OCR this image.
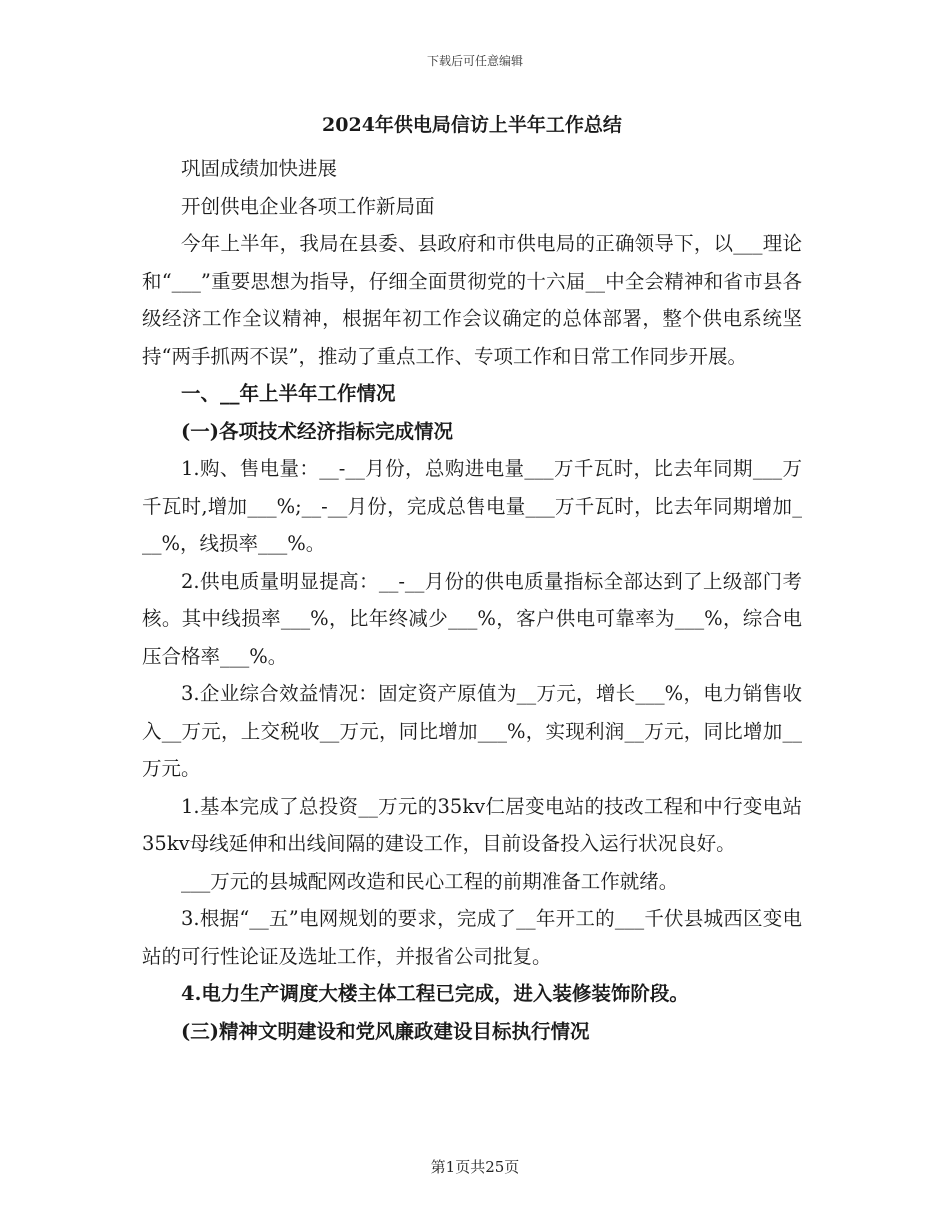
下载后可任意编辑
2024年供电局信访上半年工作总结

巩固成绩加快进展

开创供电企业各项工作新局面

今年上半年，我局在县委、县政府和市供电局的正确领导下，以___理论和“___”重要思想为指导，仔细全面贯彻党的十六届__中全会精神和省市县各级经济工作全议精神，根据年初工作会议确定的总体部署，整个供电系统坚持“两手抓两不误”，推动了重点工作、专项工作和日常工作同步开展。

一、__年上半年工作情况

(一)各项技术经济指标完成情况

1.购、售电量：__-__月份，总购进电量___万千瓦时，比去年同期___万千瓦时,增加___%;__-__月份，完成总售电量___万千瓦时，比去年同期增加___%，线损率___%。

2.供电质量明显提高：__-__月份的供电质量指标全部达到了上级部门考核。其中线损率___%，比年终减少___%，客户供电可靠率为___%，综合电压合格率___%。

3.企业综合效益情况：固定资产原值为__万元，增长___%，电力销售收入__万元，上交税收__万元，同比增加___%，实现利润__万元，同比增加__万元。

1.基本完成了总投资__万元的35kv仁居变电站的技改工程和中行变电站35kv母线延伸和出线间隔的建设工作，目前设备投入运行状况良好。

___万元的县城配网改造和民心工程的前期准备工作就绪。

3.根据“__五”电网规划的要求，完成了__年开工的___千伏县城西区变电站的可行性论证及选址工作，并报省公司批复。

4.电力生产调度大楼主体工程已完成，进入装修装饰阶段。

(三)精神文明建设和党风廉政建设目标执行情况

第1页共25页
